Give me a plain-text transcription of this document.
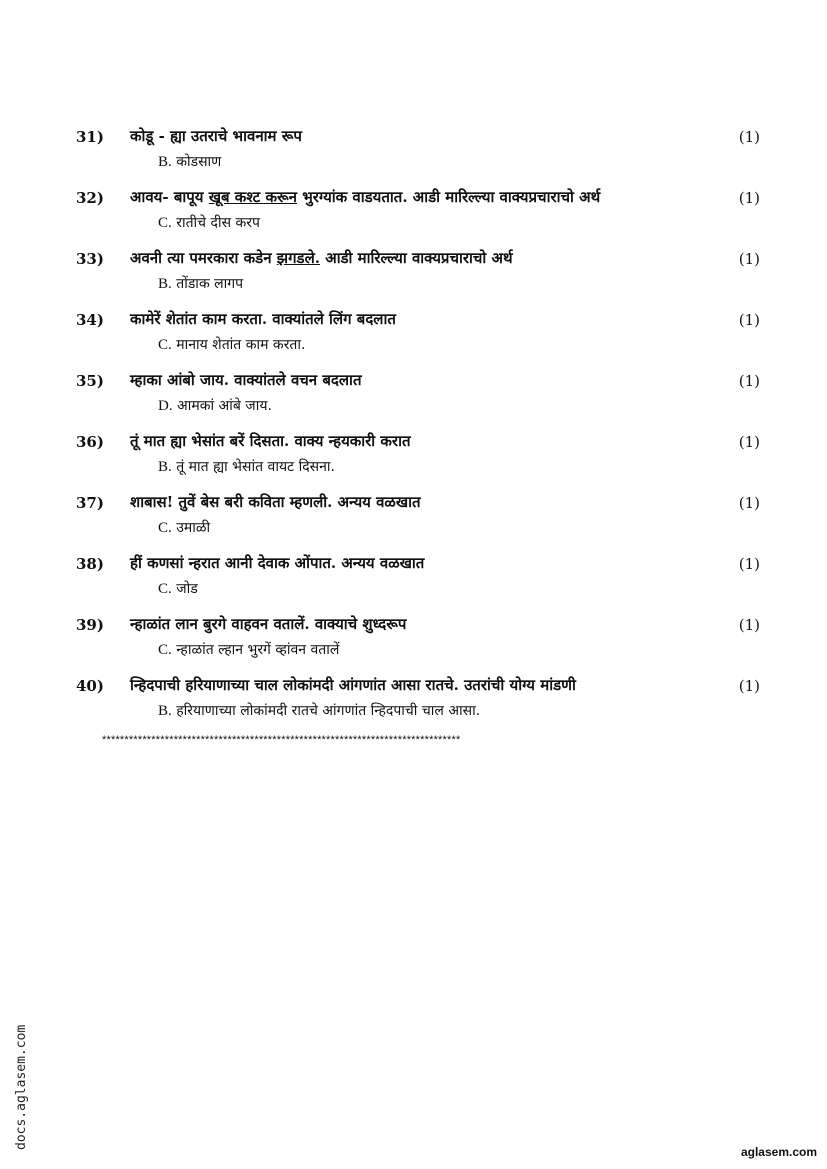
31) कोडू - ह्या उतराचे भावनाम रूप	(1)
B. कोडसाण
32) आवय- बापूय खूब कश्ट करून भुरग्यांक वाडयतात. आडी मारिल्ल्या वाक्यप्रचाराचो अर्थ	(1)
C. रातीचे दीस करप
33) अवनी त्या पमरकारा कडेन झगडले. आडी मारिल्ल्या वाक्यप्रचाराचो अर्थ	(1)
B. तोंडाक लागप
34) कामेरें शेतांत काम करता. वाक्यांतले लिंग बदलात	(1)
C. मानाय शेतांत काम करता.
35) म्हाका आंबो जाय. वाक्यांतले वचन बदलात	(1)
D. आमकां आंबे जाय.
36) तूं मात ह्या भेसांत बरें दिसता. वाक्य न्हयकारी करात	(1)
B. तूं मात ह्या भेसांत वायट दिसना.
37) शाबास! तुवें बेस बरी कविता म्हणली. अन्यय वळखात	(1)
C. उमाळी
38) हीं कणसां न्हरात आनी देवाक ओंपात. अन्यय वळखात	(1)
C. जोड
39) न्हाळांत लान बुरगे वाहवन वतालें. वाक्याचे शुध्दरूप	(1)
C. न्हाळांत ल्हान भुरगें व्हांवन वतालें
40) न्हिदपाची हरियाणाच्या चाल लोकांमदी आंगणांत आसा रातचे. उतरांची योग्य मांडणी	(1)
B. हरियाणाच्या लोकांमदी रातचे आंगणांत न्हिदपाची चाल आसा.
********************************************************************************
docs.aglasem.com
aglasem.com
